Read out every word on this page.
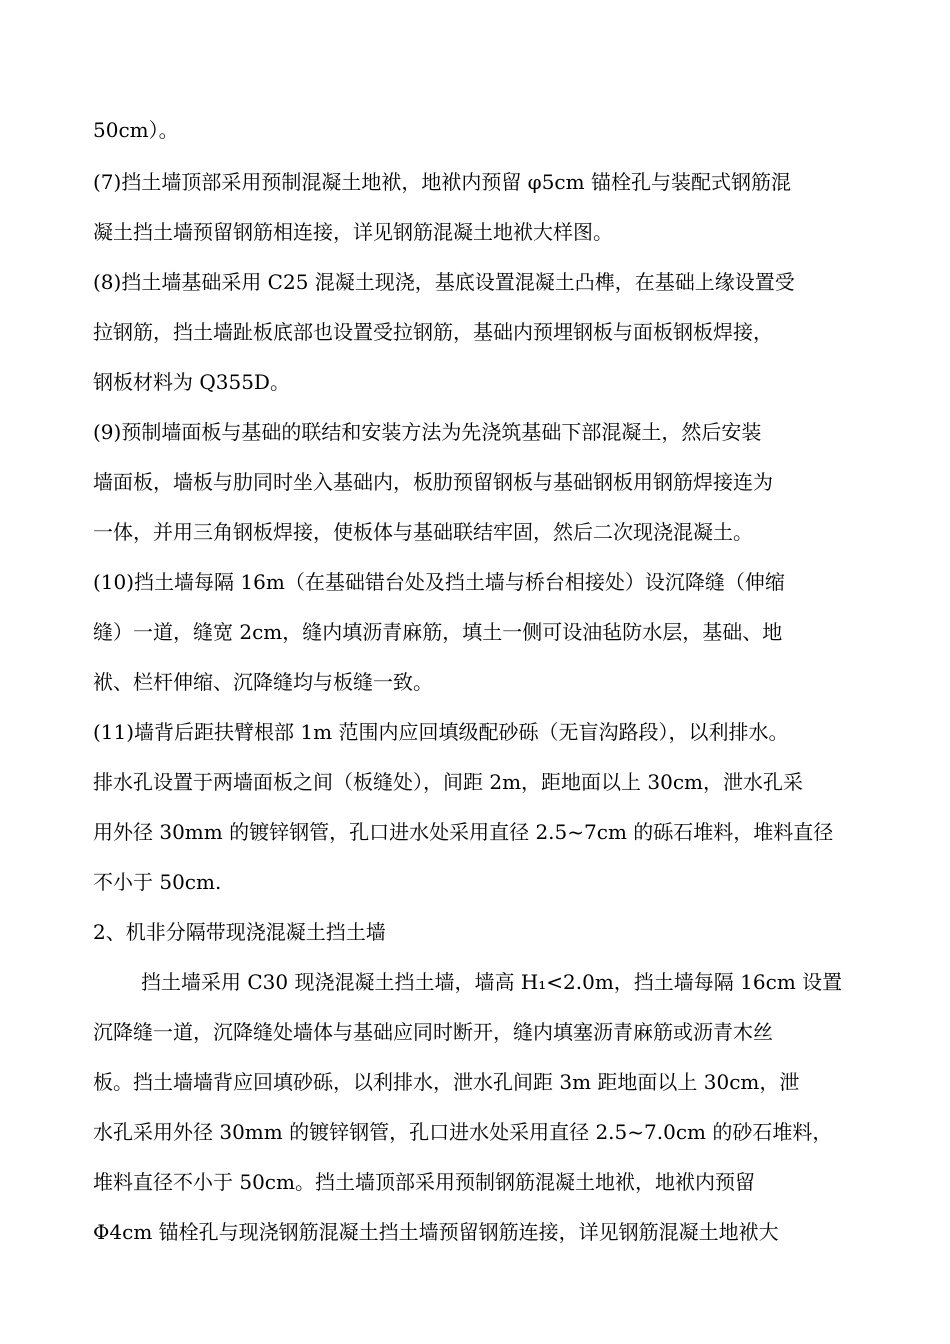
50cm）。
(7)挡土墙顶部采用预制混凝土地袱，地袱内预留 φ5cm 锚栓孔与装配式钢筋混
凝土挡土墙预留钢筋相连接，详见钢筋混凝土地袱大样图。
(8)挡土墙基础采用 C25 混凝土现浇，基底设置混凝土凸榫，在基础上缘设置受
拉钢筋，挡土墙趾板底部也设置受拉钢筋，基础内预埋钢板与面板钢板焊接，
钢板材料为 Q355D。
(9)预制墙面板与基础的联结和安装方法为先浇筑基础下部混凝土，然后安装
墙面板，墙板与肋同时坐入基础内，板肋预留钢板与基础钢板用钢筋焊接连为
一体，并用三角钢板焊接，使板体与基础联结牢固，然后二次现浇混凝土。
(10)挡土墙每隔 16m（在基础错台处及挡土墙与桥台相接处）设沉降缝（伸缩
缝）一道，缝宽 2cm，缝内填沥青麻筋，填土一侧可设油毡防水层，基础、地
袱、栏杆伸缩、沉降缝均与板缝一致。
(11)墙背后距扶臂根部 1m 范围内应回填级配砂砾（无盲沟路段），以利排水。
排水孔设置于两墙面板之间（板缝处），间距 2m，距地面以上 30cm，泄水孔采
用外径 30mm 的镀锌钢管，孔口进水处采用直径 2.5~7cm 的砾石堆料，堆料直径
不小于 50cm.
2、机非分隔带现浇混凝土挡土墙
挡土墙采用 C30 现浇混凝土挡土墙，墙高 H₁<2.0m，挡土墙每隔 16cm 设置
沉降缝一道，沉降缝处墙体与基础应同时断开，缝内填塞沥青麻筋或沥青木丝
板。挡土墙墙背应回填砂砾，以利排水，泄水孔间距 3m 距地面以上 30cm，泄
水孔采用外径 30mm 的镀锌钢管，孔口进水处采用直径 2.5~7.0cm 的砂石堆料，
堆料直径不小于 50cm。挡土墙顶部采用预制钢筋混凝土地袱，地袱内预留
Φ4cm 锚栓孔与现浇钢筋混凝土挡土墙预留钢筋连接，详见钢筋混凝土地袱大
